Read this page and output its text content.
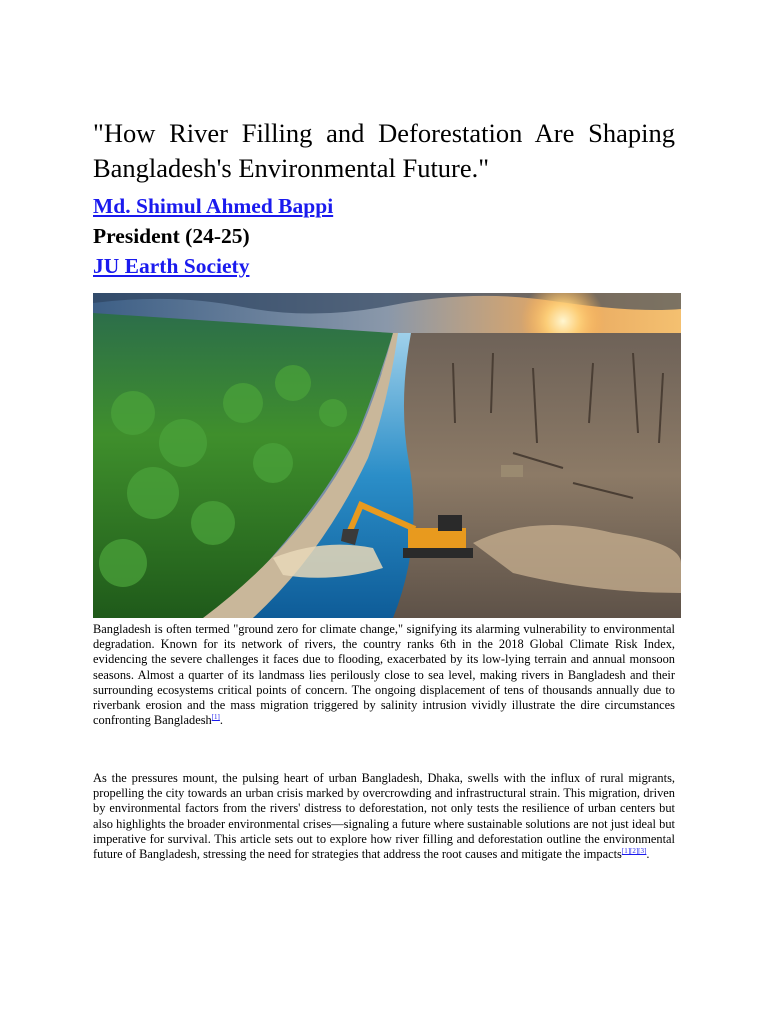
"How River Filling and Deforestation Are Shaping Bangladesh's Environmental Future."

Md. Shimul Ahmed Bappi

President (24-25)

JU Earth Society

Bangladesh is often termed "ground zero for climate change," signifying its alarming vulnerability to environmental degradation. Known for its network of rivers, the country ranks 6th in the 2018 Global Climate Risk Index, evidencing the severe challenges it faces due to flooding, exacerbated by its low-lying terrain and annual monsoon seasons. Almost a quarter of its landmass lies perilously close to sea level, making rivers in Bangladesh and their surrounding ecosystems critical points of concern. The ongoing displacement of tens of thousands annually due to riverbank erosion and the mass migration triggered by salinity intrusion vividly illustrate the dire circumstances confronting Bangladesh[1].

As the pressures mount, the pulsing heart of urban Bangladesh, Dhaka, swells with the influx of rural migrants, propelling the city towards an urban crisis marked by overcrowding and infrastructural strain. This migration, driven by environmental factors from the rivers' distress to deforestation, not only tests the resilience of urban centers but also highlights the broader environmental crises—signaling a future where sustainable solutions are not just ideal but imperative for survival. This article sets out to explore how river filling and deforestation outline the environmental future of Bangladesh, stressing the need for strategies that address the root causes and mitigate the impacts[1][2][3].
